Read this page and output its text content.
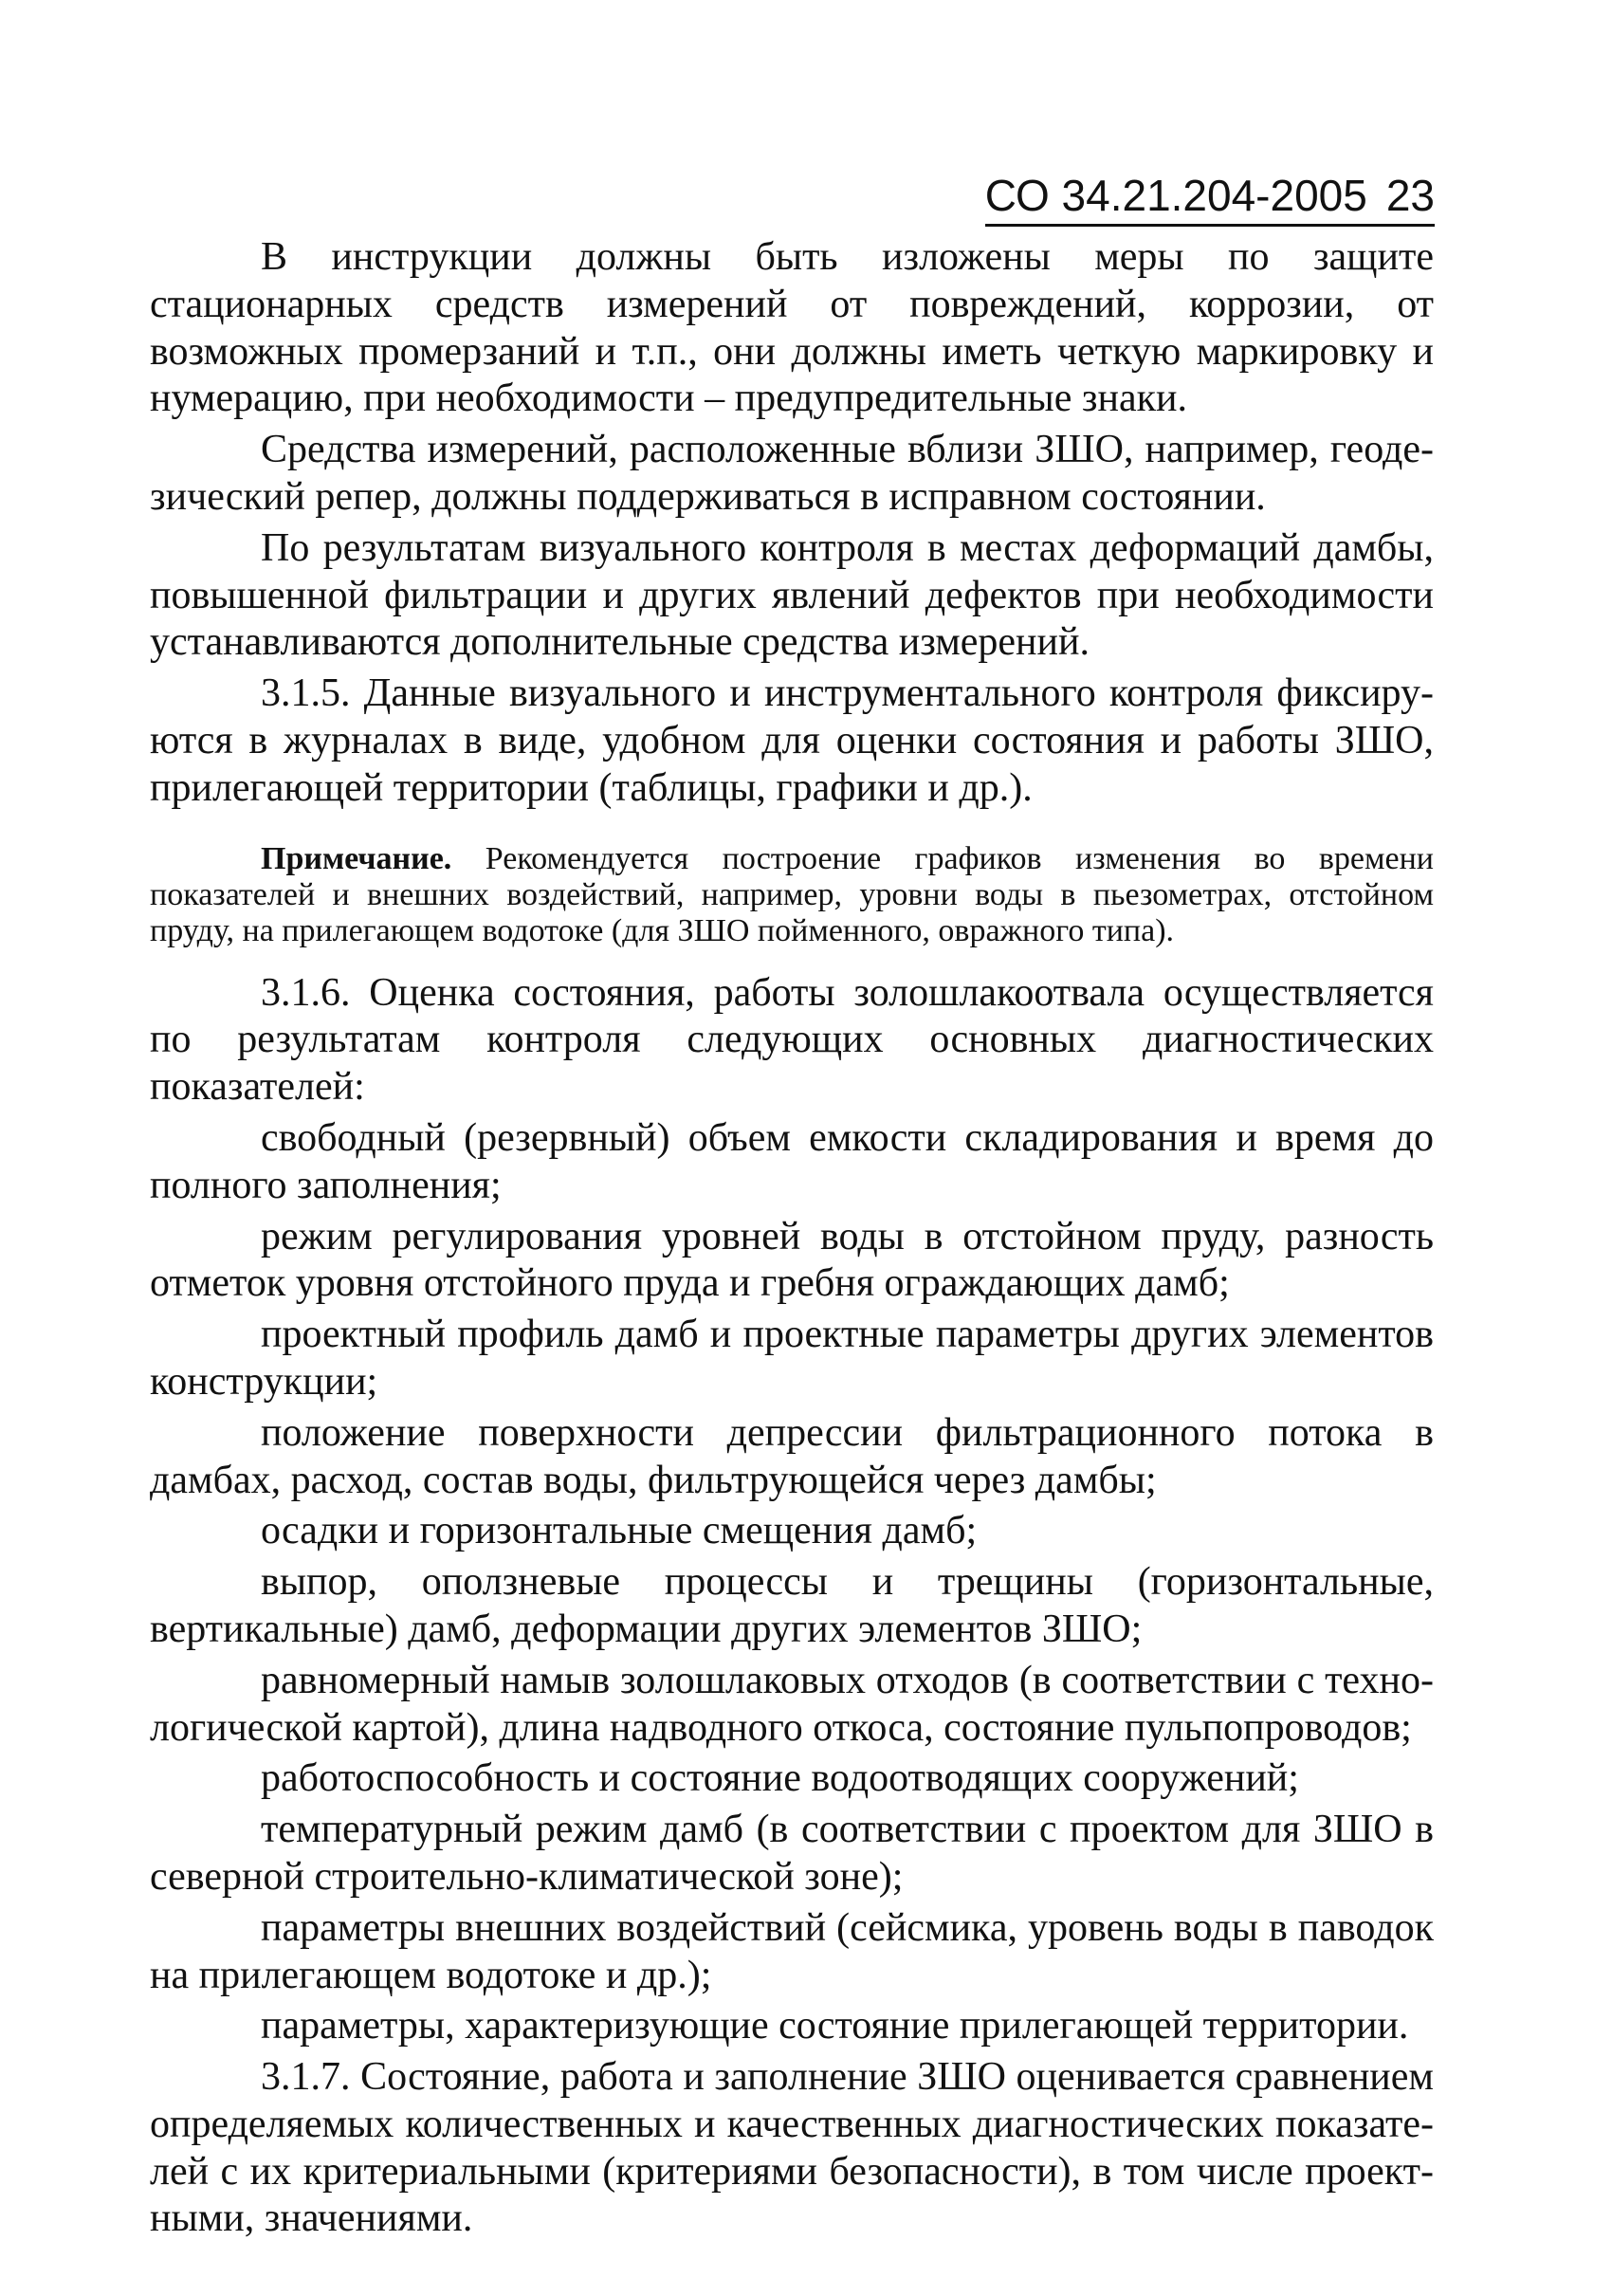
СО 34.21.204-2005 23

В инструкции должны быть изложены меры по защите стационарных средств измерений от повреждений, коррозии, от возможных промерзаний и т.п., они должны иметь четкую маркировку и нумерацию, при необходимости – предупредительные знаки.

Средства измерений, расположенные вблизи ЗШО, например, геодезический репер, должны поддерживаться в исправном состоянии.

По результатам визуального контроля в местах деформаций дамбы, повышенной фильтрации и других явлений дефектов при необходимости устанавливаются дополнительные средства измерений.

3.1.5. Данные визуального и инструментального контроля фиксируются в журналах в виде, удобном для оценки состояния и работы ЗШО, прилегающей территории (таблицы, графики и др.).

Примечание. Рекомендуется построение графиков изменения во времени показателей и внешних воздействий, например, уровни воды в пьезометрах, отстойном пруду, на прилегающем водотоке (для ЗШО пойменного, овражного типа).

3.1.6. Оценка состояния, работы золошлакоотвала осуществляется по результатам контроля следующих основных диагностических показателей:

свободный (резервный) объем емкости складирования и время до полного заполнения;

режим регулирования уровней воды в отстойном пруду, разность отметок уровня отстойного пруда и гребня ограждающих дамб;

проектный профиль дамб и проектные параметры других элементов конструкции;

положение поверхности депрессии фильтрационного потока в дамбах, расход, состав воды, фильтрующейся через дамбы;

осадки и горизонтальные смещения дамб;

выпор, оползневые процессы и трещины (горизонтальные, вертикальные) дамб, деформации других элементов ЗШО;

равномерный намыв золошлаковых отходов (в соответствии с технологической картой), длина надводного откоса, состояние пульпопроводов;

работоспособность и состояние водоотводящих сооружений;

температурный режим дамб (в соответствии с проектом для ЗШО в северной строительно-климатической зоне);

параметры внешних воздействий (сейсмика, уровень воды в паводок на прилегающем водотоке и др.);

параметры, характеризующие состояние прилегающей территории.

3.1.7. Состояние, работа и заполнение ЗШО оценивается сравнением определяемых количественных и качественных диагностических показателей с их критериальными (критериями безопасности), в том числе проектными, значениями.
